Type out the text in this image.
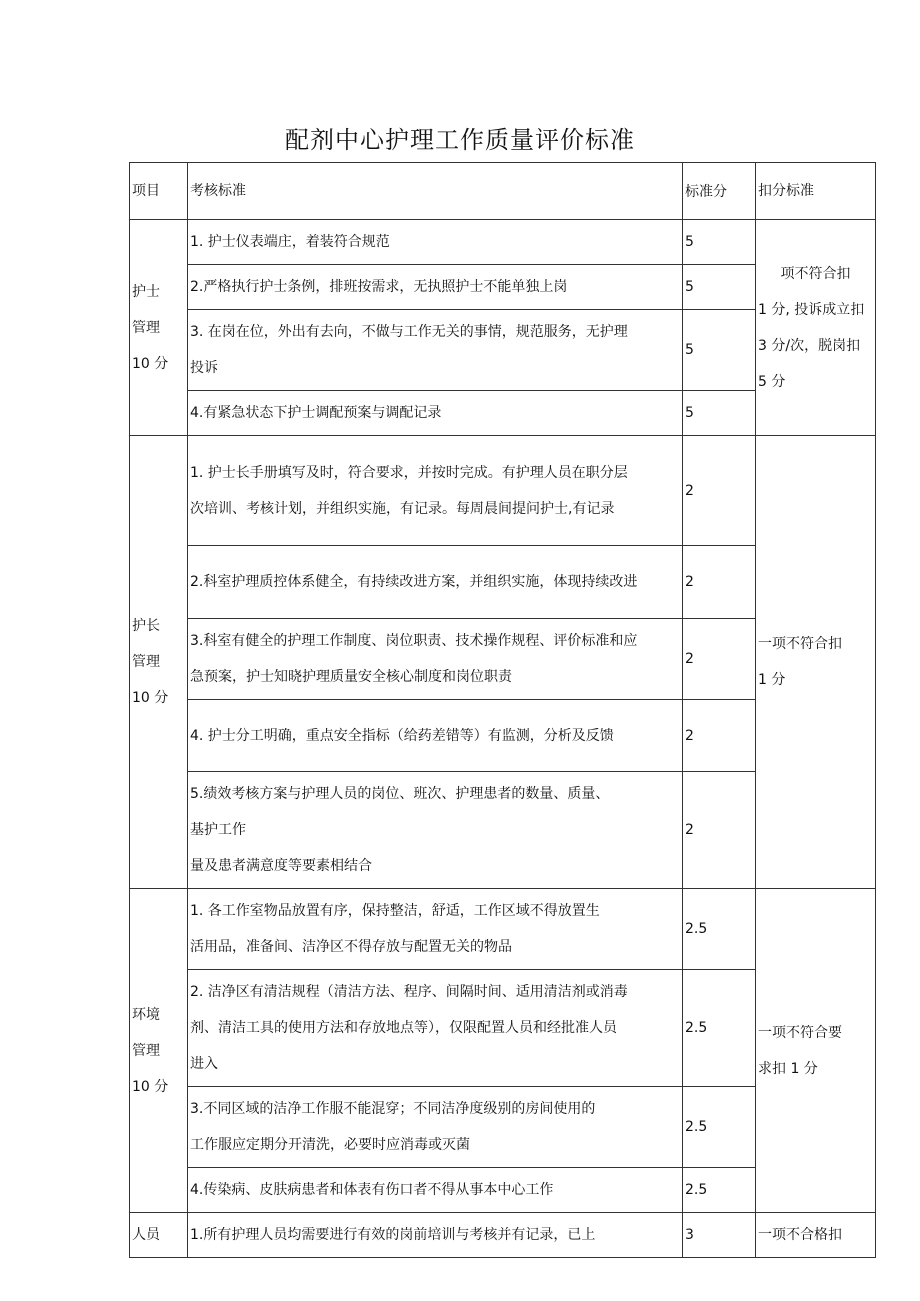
配剂中心护理工作质量评价标准
项目	考核标准	标准分	扣分标准

护士
管理
10 分	1. 护士仪表端庄，着装符合规范	5	项不符合扣
1 分, 投诉成立扣
3 分/次，脱岗扣
5 分

	2.严格执行护士条例，排班按需求，无执照护士不能单独上岗	5	

	3. 在岗在位，外出有去向，不做与工作无关的事情，规范服务，无护理
投诉	5	

	4.有紧急状态下护士调配预案与调配记录	5	

护长
管理
10 分	1. 护士长手册填写及时，符合要求，并按时完成。有护理人员在职分层
次培训、考核计划，并组织实施，有记录。每周晨间提问护士,有记录	2	一项不符合扣
1 分

	2.科室护理质控体系健全，有持续改进方案，并组织实施，体现持续改进	2	

	3.科室有健全的护理工作制度、岗位职责、技术操作规程、评价标准和应
急预案，护士知晓护理质量安全核心制度和岗位职责	2	

	4. 护士分工明确，重点安全指标（给药差错等）有监测，分析及反馈	2	

	5.绩效考核方案与护理人员的岗位、班次、护理患者的数量、质量、
基护工作
量及患者满意度等要素相结合	2	

环境
管理
10 分	1. 各工作室物品放置有序，保持整洁，舒适，工作区域不得放置生
活用品，准备间、洁净区不得存放与配置无关的物品	2.5	一项不符合要
求扣 1 分

	2. 洁净区有清洁规程（清洁方法、程序、间隔时间、适用清洁剂或消毒
剂、清洁工具的使用方法和存放地点等），仅限配置人员和经批准人员
进入	2.5	

	3.不同区域的洁净工作服不能混穿；不同洁净度级别的房间使用的
工作服应定期分开清洗，必要时应消毒或灭菌	2.5	

	4.传染病、皮肤病患者和体表有伤口者不得从事本中心工作	2.5	

人员	1.所有护理人员均需要进行有效的岗前培训与考核并有记录，已上	3	一项不合格扣
